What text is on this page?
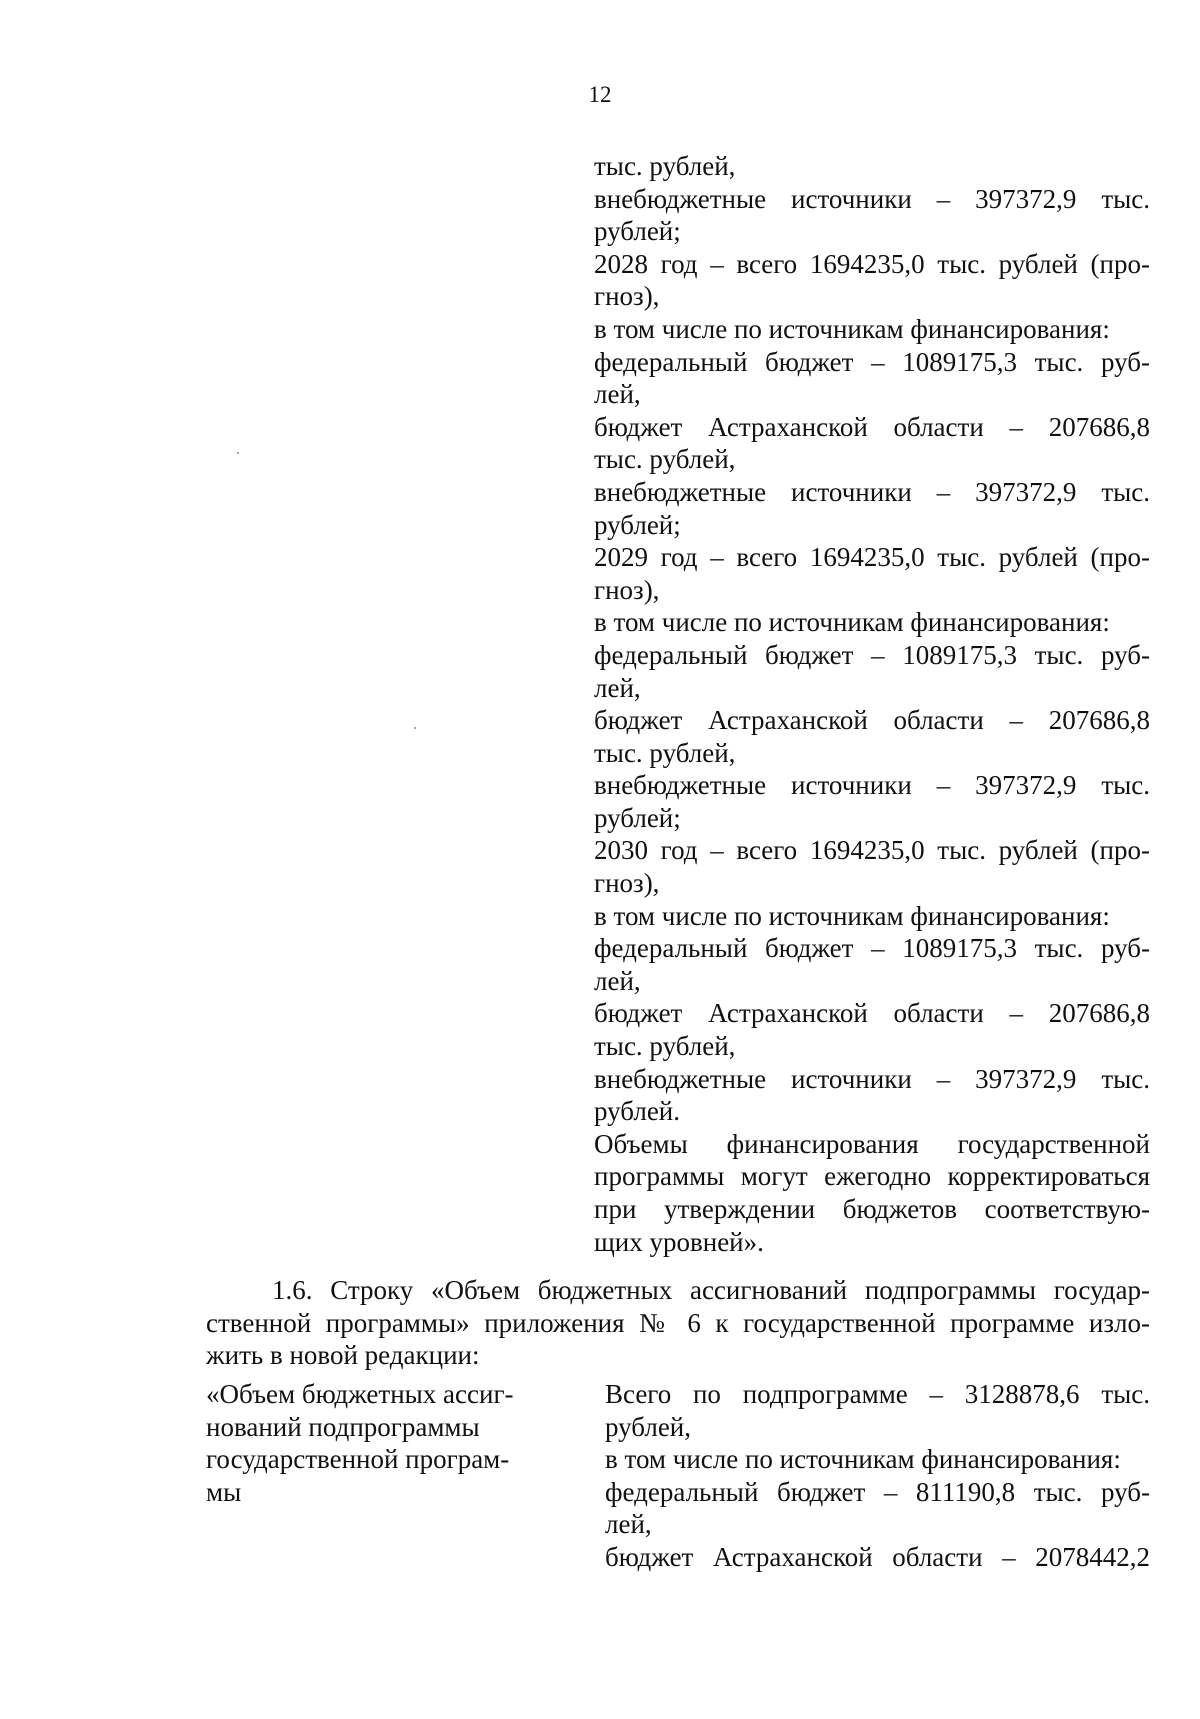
12
тыс. рублей,
внебюджетные источники – 397372,9 тыс.
рублей;
2028 год – всего 1694235,0 тыс. рублей (про-
гноз),
в том числе по источникам финансирования:
федеральный бюджет – 1089175,3 тыс. руб-
лей,
бюджет Астраханской области – 207686,8
тыс. рублей,
внебюджетные источники – 397372,9 тыс.
рублей;
2029 год – всего 1694235,0 тыс. рублей (про-
гноз),
в том числе по источникам финансирования:
федеральный бюджет – 1089175,3 тыс. руб-
лей,
бюджет Астраханской области – 207686,8
тыс. рублей,
внебюджетные источники – 397372,9 тыс.
рублей;
2030 год – всего 1694235,0 тыс. рублей (про-
гноз),
в том числе по источникам финансирования:
федеральный бюджет – 1089175,3 тыс. руб-
лей,
бюджет Астраханской области – 207686,8
тыс. рублей,
внебюджетные источники – 397372,9 тыс.
рублей.
Объемы финансирования государственной
программы могут ежегодно корректироваться
при утверждении бюджетов соответствую-
щих уровней».
1.6. Строку «Объем бюджетных ассигнований подпрограммы государ-
ственной программы» приложения № 6 к государственной программе изло-
жить в новой редакции:
«Объем бюджетных ассиг-
нований подпрограммы
государственной програм-
мы
Всего по подпрограмме – 3128878,6 тыс.
рублей,
в том числе по источникам финансирования:
федеральный бюджет – 811190,8 тыс. руб-
лей,
бюджет Астраханской области – 2078442,2
